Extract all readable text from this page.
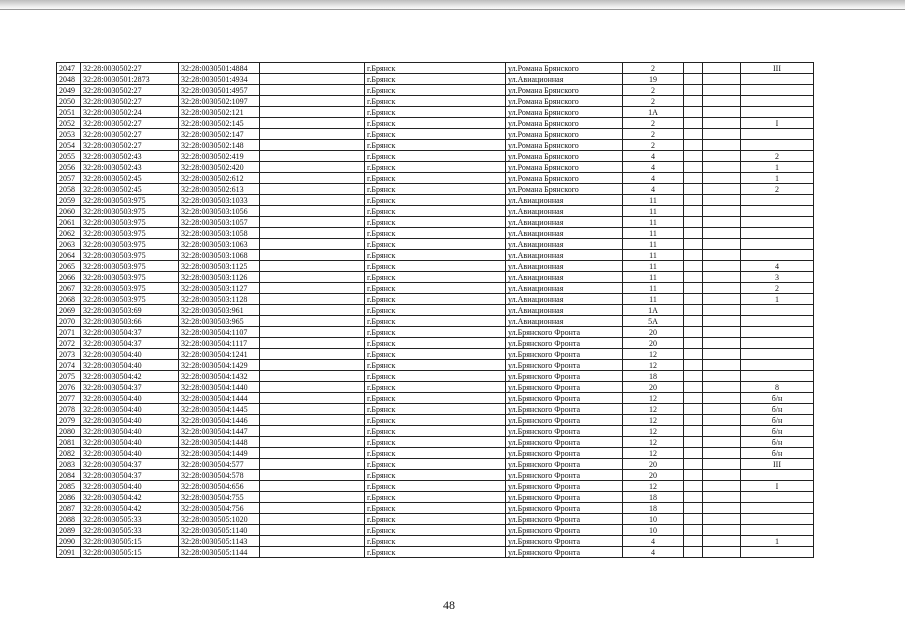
2047	32:28:0030502:27	32:28:0030501:4884		г.Брянск	ул.Романа Брянского	2			III
2048	32:28:0030501:2873	32:28:0030501:4934		г.Брянск	ул.Авиационная	19			
2049	32:28:0030502:27	32:28:0030501:4957		г.Брянск	ул.Романа Брянского	2			
2050	32:28:0030502:27	32:28:0030502:1097		г.Брянск	ул.Романа Брянского	2			
2051	32:28:0030502:24	32:28:0030502:121		г.Брянск	ул.Романа Брянского	1А			
2052	32:28:0030502:27	32:28:0030502:145		г.Брянск	ул.Романа Брянского	2			I
2053	32:28:0030502:27	32:28:0030502:147		г.Брянск	ул.Романа Брянского	2			
2054	32:28:0030502:27	32:28:0030502:148		г.Брянск	ул.Романа Брянского	2			
2055	32:28:0030502:43	32:28:0030502:419		г.Брянск	ул.Романа Брянского	4			2
2056	32:28:0030502:43	32:28:0030502:420		г.Брянск	ул.Романа Брянского	4			1
2057	32:28:0030502:45	32:28:0030502:612		г.Брянск	ул.Романа Брянского	4			1
2058	32:28:0030502:45	32:28:0030502:613		г.Брянск	ул.Романа Брянского	4			2
2059	32:28:0030503:975	32:28:0030503:1033		г.Брянск	ул.Авиационная	11			
2060	32:28:0030503:975	32:28:0030503:1056		г.Брянск	ул.Авиационная	11			
2061	32:28:0030503:975	32:28:0030503:1057		г.Брянск	ул.Авиационная	11			
2062	32:28:0030503:975	32:28:0030503:1058		г.Брянск	ул.Авиационная	11			
2063	32:28:0030503:975	32:28:0030503:1063		г.Брянск	ул.Авиационная	11			
2064	32:28:0030503:975	32:28:0030503:1068		г.Брянск	ул.Авиационная	11			
2065	32:28:0030503:975	32:28:0030503:1125		г.Брянск	ул.Авиационная	11			4
2066	32:28:0030503:975	32:28:0030503:1126		г.Брянск	ул.Авиационная	11			3
2067	32:28:0030503:975	32:28:0030503:1127		г.Брянск	ул.Авиационная	11			2
2068	32:28:0030503:975	32:28:0030503:1128		г.Брянск	ул.Авиационная	11			1
2069	32:28:0030503:69	32:28:0030503:961		г.Брянск	ул.Авиационная	1А			
2070	32:28:0030503:66	32:28:0030503:965		г.Брянск	ул.Авиационная	5А			
2071	32:28:0030504:37	32:28:0030504:1107		г.Брянск	ул.Брянского Фронта	20			
2072	32:28:0030504:37	32:28:0030504:1117		г.Брянск	ул.Брянского Фронта	20			
2073	32:28:0030504:40	32:28:0030504:1241		г.Брянск	ул.Брянского Фронта	12			
2074	32:28:0030504:40	32:28:0030504:1429		г.Брянск	ул.Брянского Фронта	12			
2075	32:28:0030504:42	32:28:0030504:1432		г.Брянск	ул.Брянского Фронта	18			
2076	32:28:0030504:37	32:28:0030504:1440		г.Брянск	ул.Брянского Фронта	20			8
2077	32:28:0030504:40	32:28:0030504:1444		г.Брянск	ул.Брянского Фронта	12			б/н
2078	32:28:0030504:40	32:28:0030504:1445		г.Брянск	ул.Брянского Фронта	12			б/н
2079	32:28:0030504:40	32:28:0030504:1446		г.Брянск	ул.Брянского Фронта	12			б/н
2080	32:28:0030504:40	32:28:0030504:1447		г.Брянск	ул.Брянского Фронта	12			б/н
2081	32:28:0030504:40	32:28:0030504:1448		г.Брянск	ул.Брянского Фронта	12			б/н
2082	32:28:0030504:40	32:28:0030504:1449		г.Брянск	ул.Брянского Фронта	12			б/н
2083	32:28:0030504:37	32:28:0030504:577		г.Брянск	ул.Брянского Фронта	20			III
2084	32:28:0030504:37	32:28:0030504:578		г.Брянск	ул.Брянского Фронта	20			
2085	32:28:0030504:40	32:28:0030504:656		г.Брянск	ул.Брянского Фронта	12			I
2086	32:28:0030504:42	32:28:0030504:755		г.Брянск	ул.Брянского Фронта	18			
2087	32:28:0030504:42	32:28:0030504:756		г.Брянск	ул.Брянского Фронта	18			
2088	32:28:0030505:33	32:28:0030505:1020		г.Брянск	ул.Брянского Фронта	10			
2089	32:28:0030505:33	32:28:0030505:1140		г.Брянск	ул.Брянского Фронта	10			
2090	32:28:0030505:15	32:28:0030505:1143		г.Брянск	ул.Брянского Фронта	4			1
2091	32:28:0030505:15	32:28:0030505:1144		г.Брянск	ул.Брянского Фронта	4			
48
